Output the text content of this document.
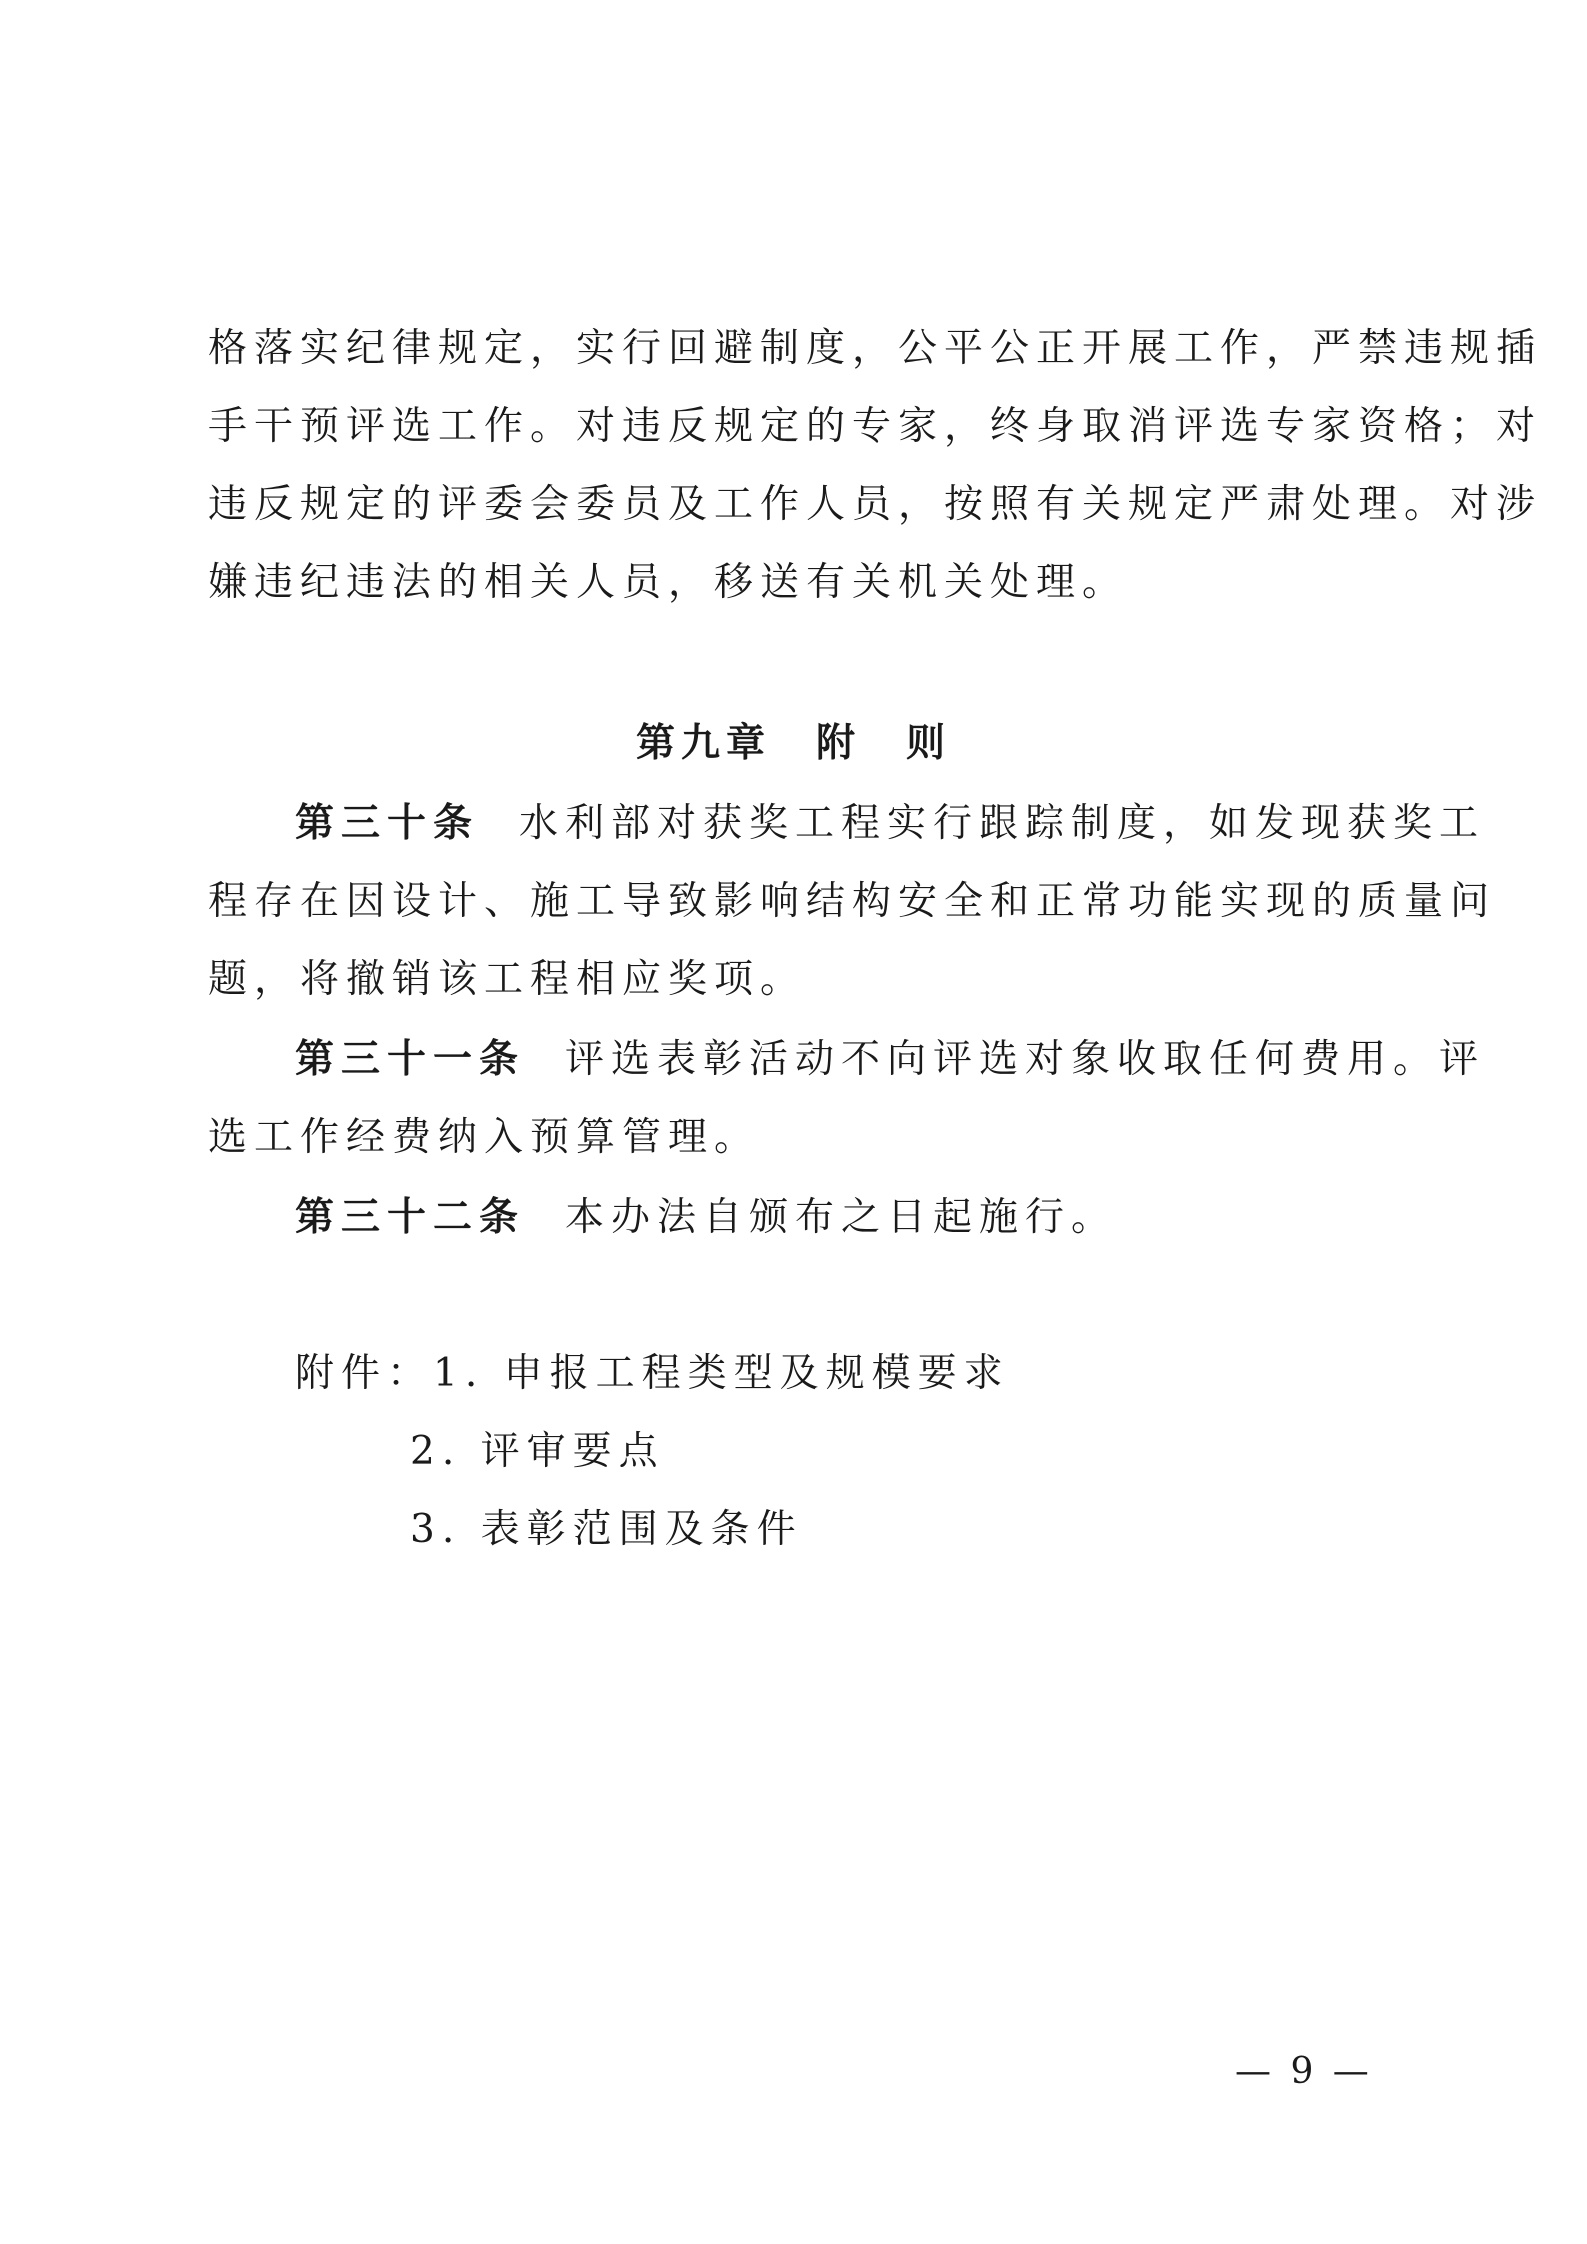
格落实纪律规定，实行回避制度，公平公正开展工作，严禁违规插
手干预评选工作。对违反规定的专家，终身取消评选专家资格；对
违反规定的评委会委员及工作人员，按照有关规定严肃处理。对涉
嫌违纪违法的相关人员，移送有关机关处理。
第九章　附　则
第三十条 水利部对获奖工程实行跟踪制度，如发现获奖工
程存在因设计、施工导致影响结构安全和正常功能实现的质量问
题，将撤销该工程相应奖项。
第三十一条 评选表彰活动不向评选对象收取任何费用。评
选工作经费纳入预算管理。
第三十二条 本办法自颁布之日起施行。
附件：1. 申报工程类型及规模要求
2. 评审要点
3. 表彰范围及条件
— 9 —
